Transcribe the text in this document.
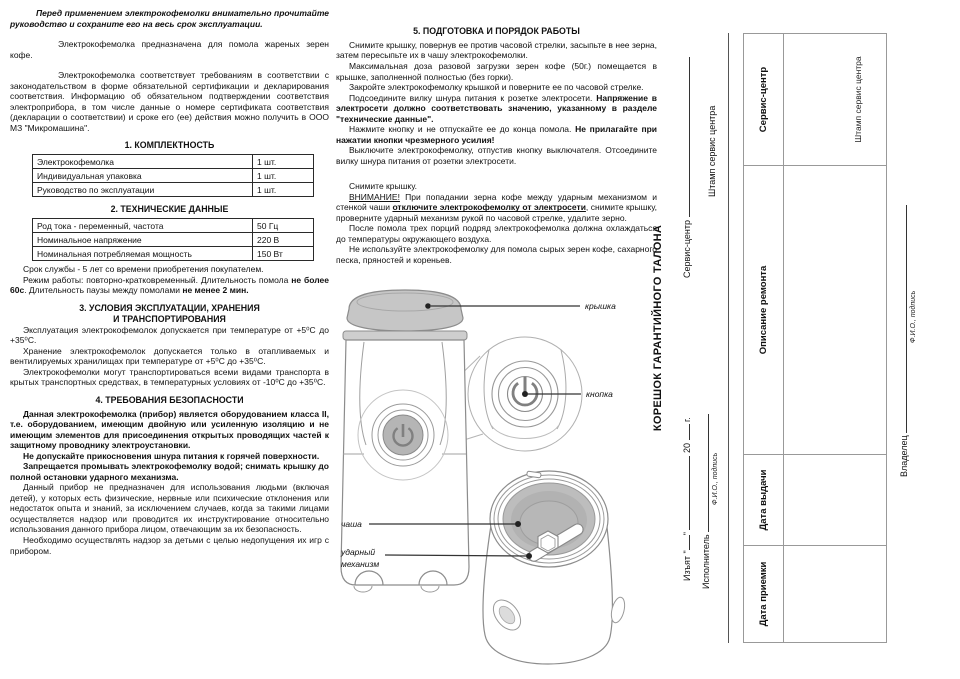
Перед применением электрокофемолки внимательно прочитайте руководство и сохраните его на весь срок эксплуатации.
Электрокофемолка предназначена для помола жареных зерен кофе.
Электрокофемолка соответствует требованиям в соответствии с законодательством в форме обязательной сертификации и декларирования соответствия. Информацию об обязательном подтверждении соответствия электроприбора, в том числе данные о номере сертификата соответствия (декларации о соответствии) и сроке его (ее) действия можно получить в ООО МЗ "Микромашина".
1. КОМПЛЕКТНОСТЬ
Электрокофемолка	1 шт.
Индивидуальная упаковка	1 шт.
Руководство по эксплуатации	1 шт.
2. ТЕХНИЧЕСКИЕ ДАННЫЕ
Род тока - переменный, частота	50 Гц
Номинальное напряжение	220 В
Номинальная потребляемая мощность	150 Вт
Срок службы - 5 лет со времени приобретения покупателем.
Режим работы: повторно-кратковременный. Длительность помола не более 60с. Длительность паузы между помолами не менее 2 мин.
3. УСЛОВИЯ ЭКСПЛУАТАЦИИ, ХРАНЕНИЯ
И ТРАНСПОРТИРОВАНИЯ
Эксплуатация электрокофемолок допускается при температуре от +5⁰С до +35⁰С.
Хранение электрокофемолок допускается только в отапливаемых и вентилируемых хранилищах при температуре от +5⁰С до +35⁰С.
Электрокофемолки могут транспортироваться всеми видами транспорта в крытых транспортных средствах, в температурных условиях от -10⁰С до +35⁰С.
4. ТРЕБОВАНИЯ БЕЗОПАСНОСТИ
Данная электрокофемолка (прибор) является оборудованием класса II, т.е. оборудованием, имеющим двойную или усиленную изоляцию и не имеющим элементов для присоединения открытых проводящих частей к защитному проводнику электроустановки.
Не допускайте прикосновения шнура питания к горячей поверхности.
Запрещается промывать электрокофемолку водой; снимать крышку до полной остановки ударного механизма.
Данный прибор не предназначен для использования людьми (включая детей), у которых есть физические, нервные или психические отклонения или недостаток опыта и знаний, за исключением случаев, когда за такими лицами осуществляется надзор или проводится их инструктирование относительно использования данного прибора лицом, отвечающим за их безопасность.
Необходимо осуществлять надзор за детьми с целью недопущения их игр с прибором.
5. ПОДГОТОВКА И ПОРЯДОК РАБОТЫ
Снимите крышку, повернув ее против часовой стрелки, засыпьте в нее зерна, затем пересыпьте их в чашу электрокофемолки.
Максимальная доза разовой загрузки зерен кофе (50г.) помещается в крышке, заполненной полностью (без горки).
Закройте электрокофемолку крышкой и поверните ее по часовой стрелке.
Подсоедините вилку шнура питания к розетке электросети. Напряжение в электросети должно соответствовать значению, указанному в разделе "технические данные".
Нажмите кнопку и не отпускайте ее до конца помола. Не прилагайте при нажатии кнопки чрезмерного усилия!
Выключите электрокофемолку, отпустив кнопку выключателя. Отсоедините вилку шнура питания от розетки электросети.
Снимите крышку.
ВНИМАНИЕ! При попадании зерна кофе между ударным механизмом и стенкой чаши отключите электрокофемолку от электросети, снимите крышку, проверните ударный механизм рукой по часовой стрелке, удалите зерно.
После помола трех порций подряд электрокофемолка должна охлаждаться до температуры окружающего воздуха.
Не используйте электрокофемолку для помола сырых зерен кофе, сахарного песка, пряностей и кореньев.
крышка
кнопка
чаша
ударный
механизм
КОРЕШОК ГАРАНТИЙНОГО ТАЛОНА
Изъят ""  20  г.
Сервис-центр
Исполнитель
Ф.И.О., подпись
Штамп сервис центра
Дата приемки
Дата выдачи
Описание ремонта
Сервис-центр	Штамп сервис центра
Владелец
Ф.И.О., подпись
